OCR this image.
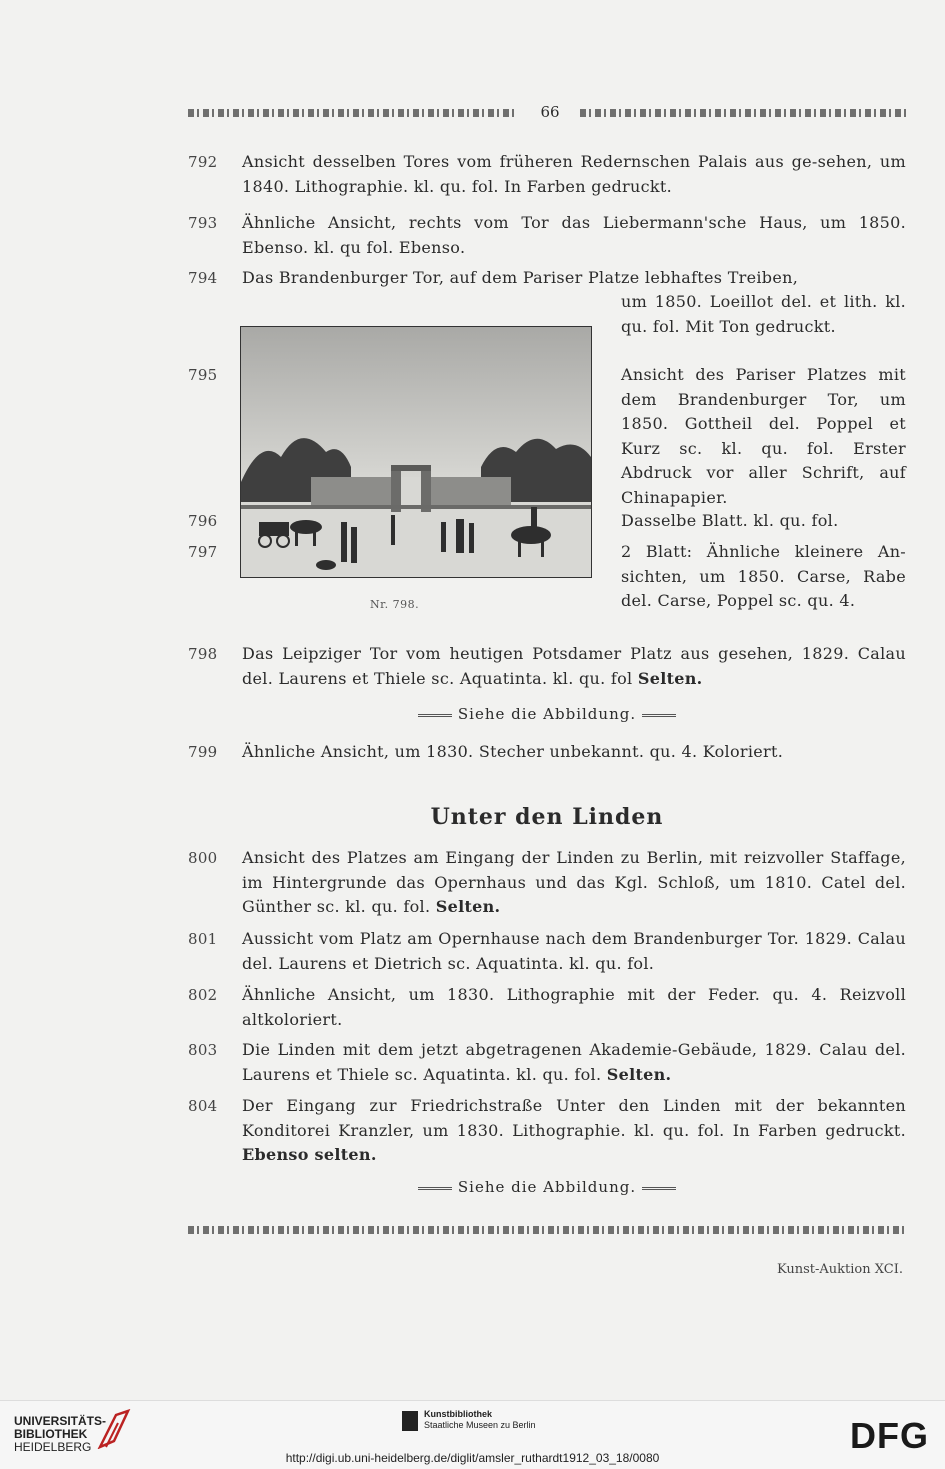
66
792	Ansicht desselben Tores vom früheren Redernschen Palais aus ge-sehen, um 1840. Lithographie. kl. qu. fol. In Farben gedruckt.
793	Ähnliche Ansicht, rechts vom Tor das Liebermann'sche Haus, um 1850. Ebenso. kl. qu fol. Ebenso.
794	Das Brandenburger Tor, auf dem Pariser Platze lebhaftes Treiben,
um 1850. Loeillot del. et lith. kl. qu. fol. Mit Ton gedruckt.
Nr. 798.
795	Ansicht des Pariser Platzes mit dem Brandenburger Tor, um 1850. Gottheil del. Poppel et Kurz sc. kl. qu. fol. Erster Abdruck vor aller Schrift, auf Chinapapier.
796	Dasselbe Blatt. kl. qu. fol.
797	2 Blatt: Ähnliche kleinere An-sichten, um 1850. Carse, Rabe del. Carse, Poppel sc. qu. 4.
798	Das Leipziger Tor vom heutigen Potsdamer Platz aus gesehen, 1829. Calau del. Laurens et Thiele sc. Aquatinta. kl. qu. fol Selten.
Siehe die Abbildung.
799	Ähnliche Ansicht, um 1830. Stecher unbekannt. qu. 4. Koloriert.
Unter den Linden
800	Ansicht des Platzes am Eingang der Linden zu Berlin, mit reizvoller Staffage, im Hintergrunde das Opernhaus und das Kgl. Schloß, um 1810. Catel del. Günther sc. kl. qu. fol. Selten.
801	Aussicht vom Platz am Opernhause nach dem Brandenburger Tor. 1829. Calau del. Laurens et Dietrich sc. Aquatinta. kl. qu. fol.
802	Ähnliche Ansicht, um 1830. Lithographie mit der Feder. qu. 4. Reizvoll altkoloriert.
803	Die Linden mit dem jetzt abgetragenen Akademie-Gebäude, 1829. Calau del. Laurens et Thiele sc. Aquatinta. kl. qu. fol. Selten.
804	Der Eingang zur Friedrichstraße Unter den Linden mit der bekannten Konditorei Kranzler, um 1830. Lithographie. kl. qu. fol. In Farben gedruckt. Ebenso selten.
Siehe die Abbildung.
Kunst-Auktion XCI.
UNIVERSITÄTS-
BIBLIOTHEK
HEIDELBERG
Kunstbibliothek
Staatliche Museen zu Berlin	DFG
http://digi.ub.uni-heidelberg.de/diglit/amsler_ruthardt1912_03_18/0080
